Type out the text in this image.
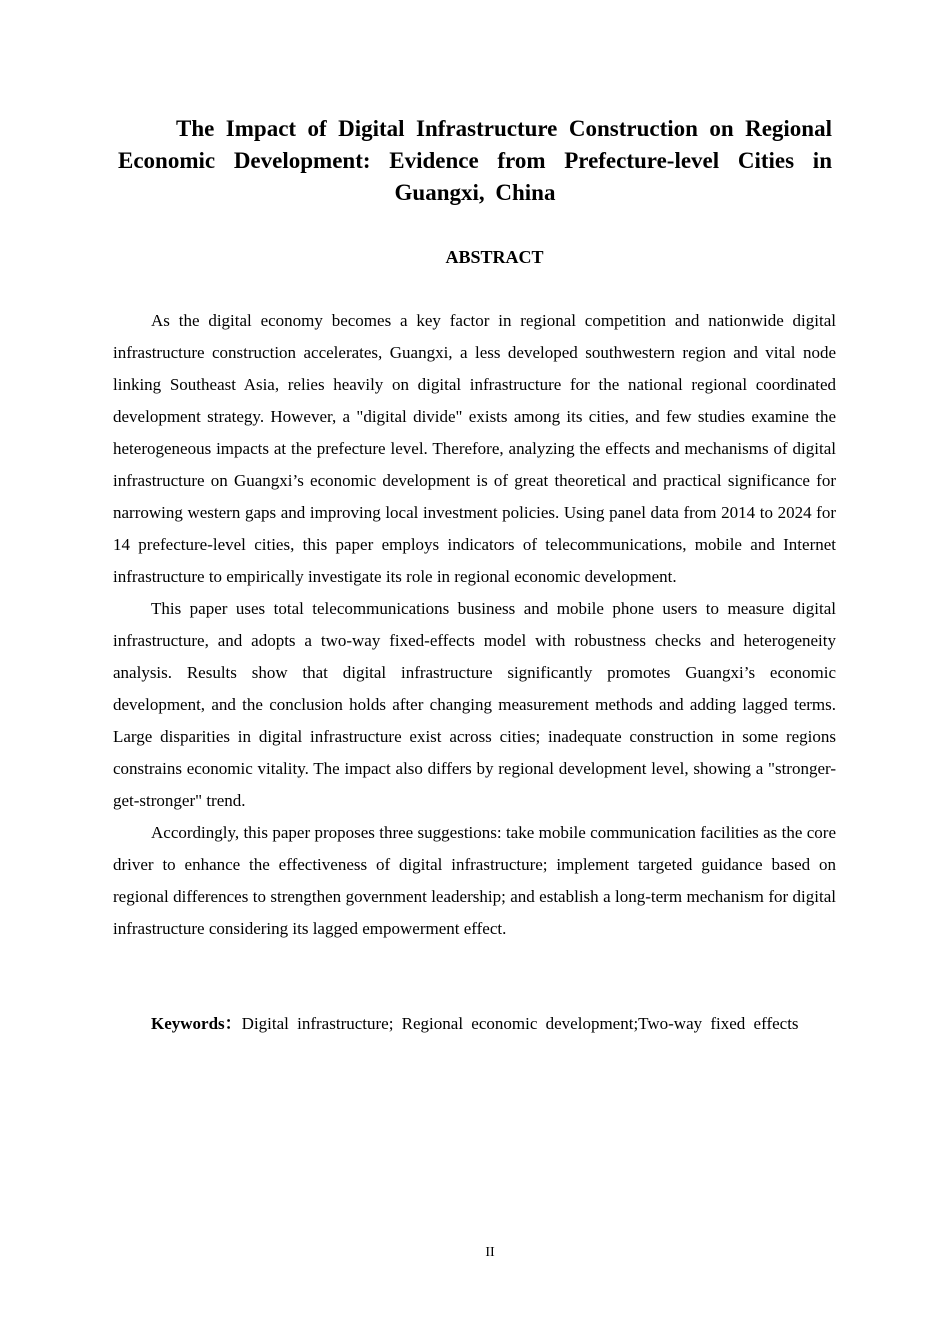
The Impact of Digital Infrastructure Construction on Regional Economic Development: Evidence from Prefecture-level Cities in Guangxi, China
ABSTRACT

As the digital economy becomes a key factor in regional competition and nationwide digital infrastructure construction accelerates, Guangxi, a less developed southwestern region and vital node linking Southeast Asia, relies heavily on digital infrastructure for the national regional coordinated development strategy. However, a "digital divide" exists among its cities, and few studies examine the heterogeneous impacts at the prefecture level. Therefore, analyzing the effects and mechanisms of digital infrastructure on Guangxi’s economic development is of great theoretical and practical significance for narrowing western gaps and improving local investment policies. Using panel data from 2014 to 2024 for 14 prefecture-level cities, this paper employs indicators of telecommunications, mobile and Internet infrastructure to empirically investigate its role in regional economic development.

This paper uses total telecommunications business and mobile phone users to measure digital infrastructure, and adopts a two-way fixed-effects model with robustness checks and heterogeneity analysis. Results show that digital infrastructure significantly promotes Guangxi’s economic development, and the conclusion holds after changing measurement methods and adding lagged terms. Large disparities in digital infrastructure exist across cities; inadequate construction in some regions constrains economic vitality. The impact also differs by regional development level, showing a "stronger-get-stronger" trend.

Accordingly, this paper proposes three suggestions: take mobile communication facilities as the core driver to enhance the effectiveness of digital infrastructure; implement targeted guidance based on regional differences to strengthen government leadership; and establish a long-term mechanism for digital infrastructure considering its lagged empowerment effect.

Keywords：Digital infrastructure; Regional economic development;Two-way fixed effects

II
